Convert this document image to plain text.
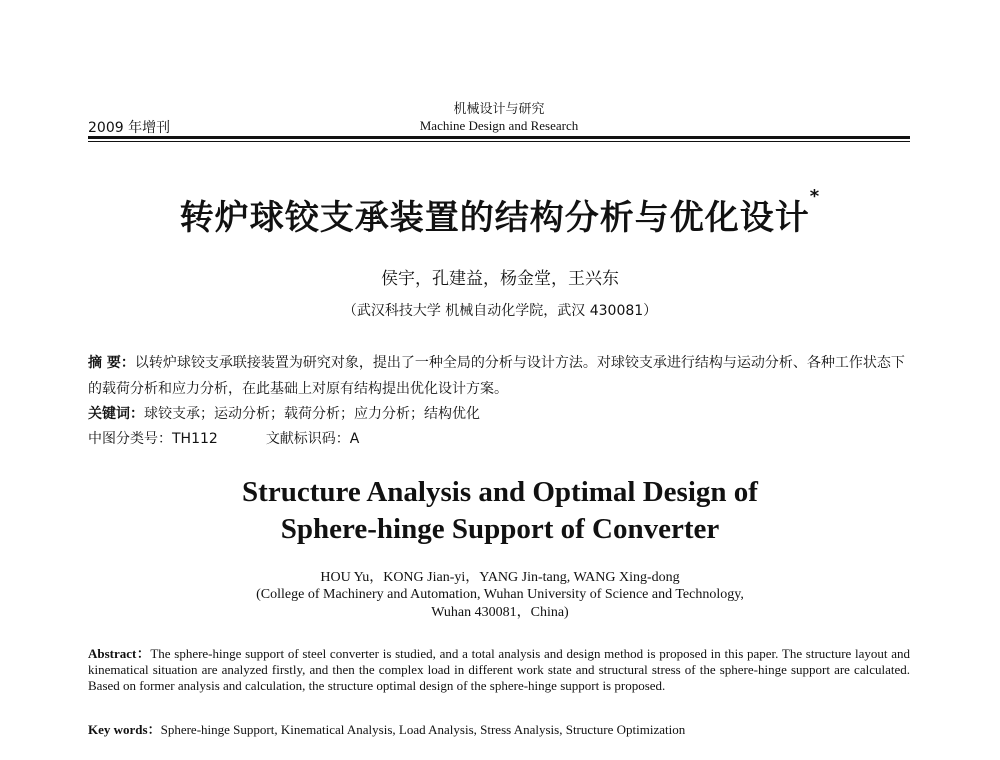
机械设计与研究
Machine Design and Research
2009 年增刊
转炉球铰支承装置的结构分析与优化设计*
侯宇，孔建益，杨金堂，王兴东
（武汉科技大学 机械自动化学院，武汉 430081）
摘 要：以转炉球铰支承联接装置为研究对象，提出了一种全局的分析与设计方法。对球铰支承进行结构与运动分析、各种工作状态下的载荷分析和应力分析，在此基础上对原有结构提出优化设计方案。
关键词：球铰支承；运动分析；载荷分析；应力分析；结构优化
中图分类号：TH112	文献标识码：A
Structure Analysis and Optimal Design of
Sphere-hinge Support of Converter
HOU Yu，KONG Jian-yi，YANG Jin-tang, WANG Xing-dong
(College of Machinery and Automation, Wuhan University of Science and Technology,
Wuhan 430081，China)
Abstract：The sphere-hinge support of steel converter is studied, and a total analysis and design method is proposed in this paper. The structure layout and kinematical situation are analyzed firstly, and then the complex load in different work state and structural stress of the sphere-hinge support are calculated. Based on former analysis and calculation, the structure optimal design of the sphere-hinge support is proposed.
Key words：Sphere-hinge Support, Kinematical Analysis, Load Analysis, Stress Analysis, Structure Optimization
